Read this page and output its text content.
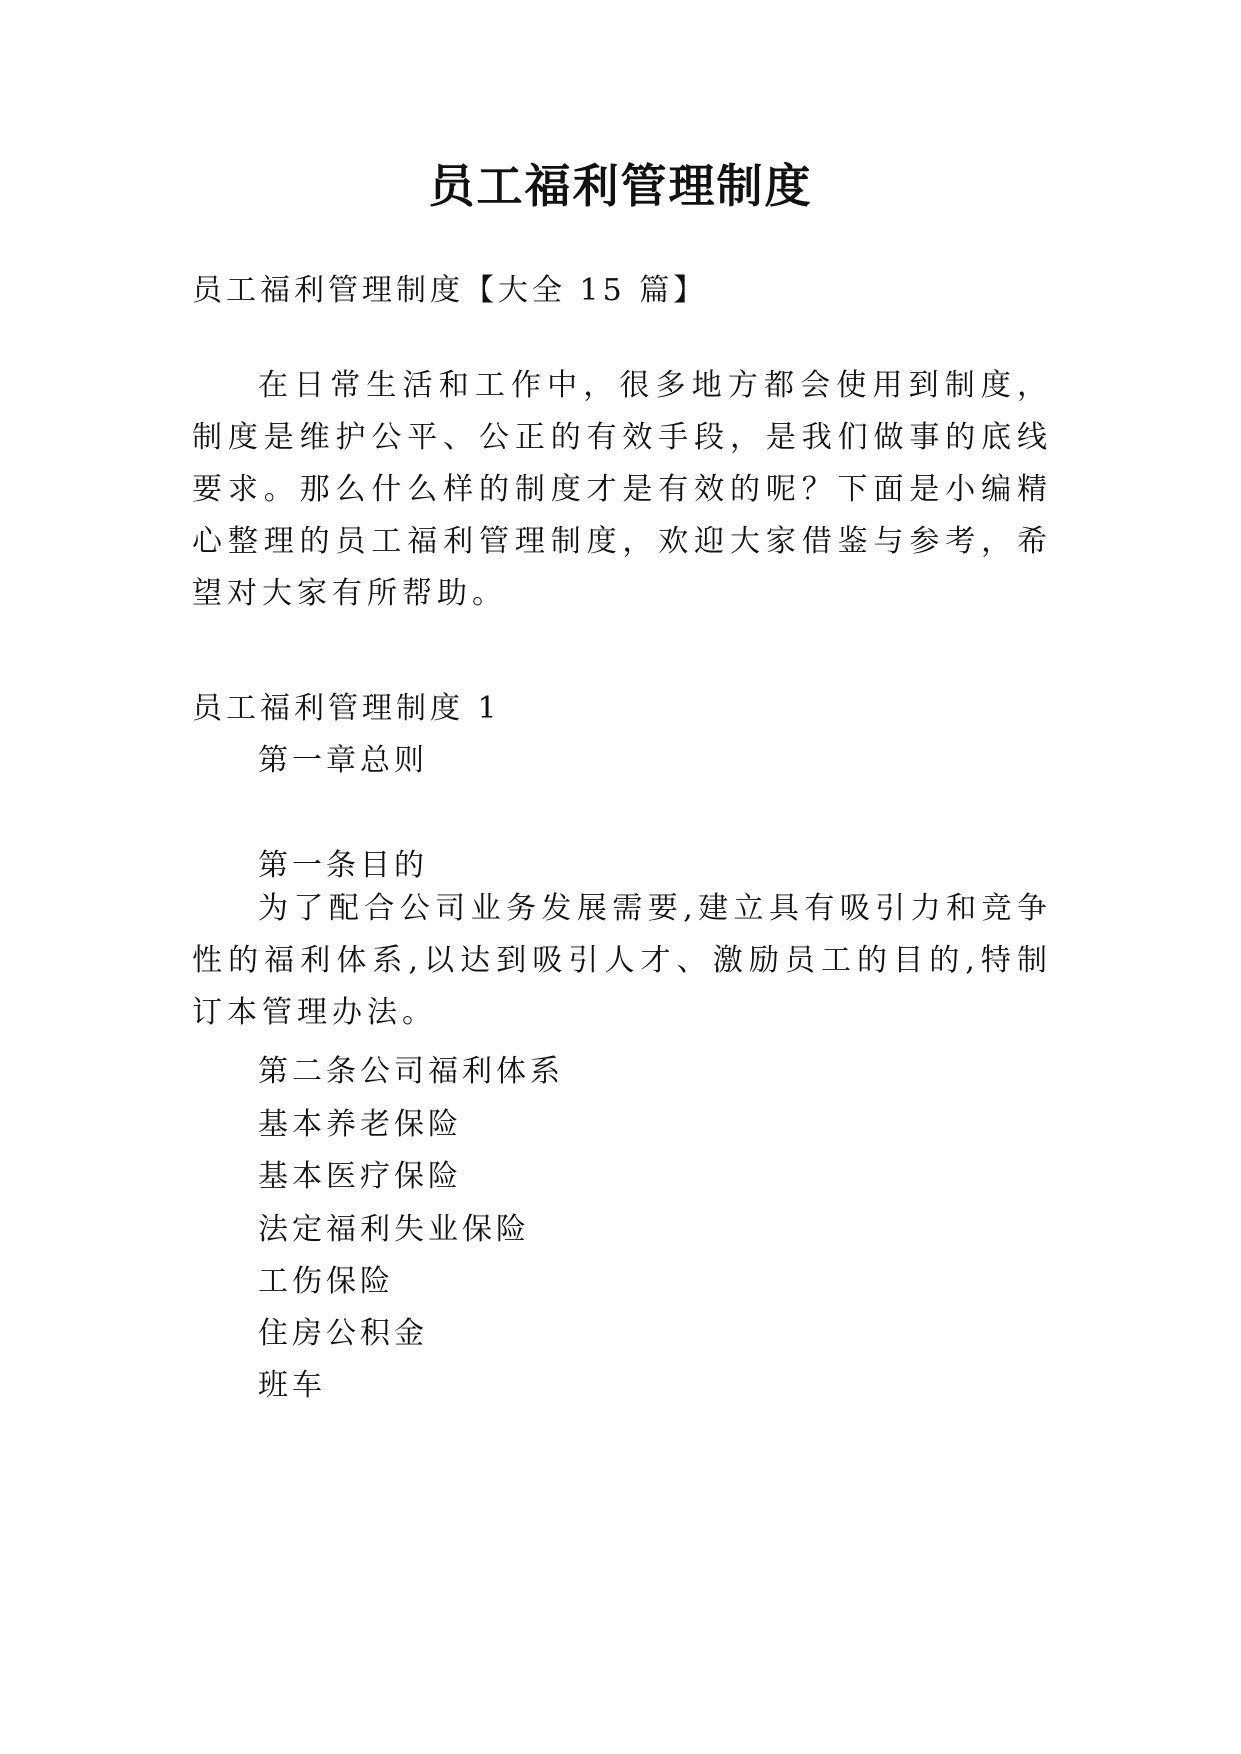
员工福利管理制度

员工福利管理制度【大全 15 篇】

在日常生活和工作中，很多地方都会使用到制度，制度是维护公平、公正的有效手段，是我们做事的底线要求。那么什么样的制度才是有效的呢？下面是小编精心整理的员工福利管理制度，欢迎大家借鉴与参考，希望对大家有所帮助。

员工福利管理制度 1

第一章总则

第一条目的

为了配合公司业务发展需要,建立具有吸引力和竞争性的福利体系,以达到吸引人才、激励员工的目的,特制订本管理办法。

第二条公司福利体系

基本养老保险

基本医疗保险

法定福利失业保险

工伤保险

住房公积金

班车
